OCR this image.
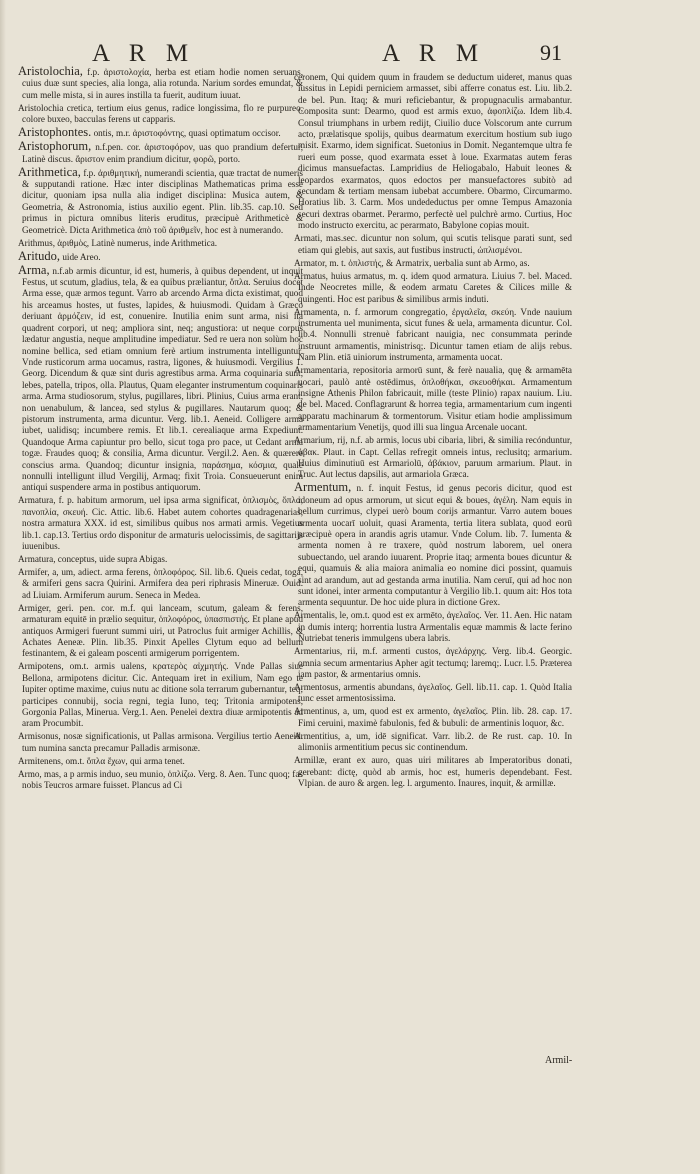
A R M	A R M 91

Aristolochia, f.p. ἀριστολοχία, herba est etiam hodie nomen seruans, cuius duæ sunt species, alia longa, alia rotunda. Narium sordes emundat, & cum melle mista, si in aures instilla ta fuerit, auditum iuuat.

Aristolochia cretica, tertium eius genus, radice longissima, flo re purpureo, colore buxeo, bacculas ferens ut capparis.

Aristophontes. ontis, m.r. ἀριστοφόντης, quasi optimatum occisor.

Aristophorum, n.f.pen. cor. ἀριστοφόρον, uas quo prandium defertur, Latinè discus. ἄριστον enim prandium dicitur, φορῶ, porto.

Arithmetica, f.p. ἀριθμητική, numerandi scientia, quæ tractat de numeris & supputandi ratione. Hæc inter disciplinas Mathematicas prima esse dicitur, quoniam ipsa nulla alia indiget disciplina: Musica autem, & Geometria, & Astronomia, istius auxilio egent. Plin. lib.35. cap.10. Sed primus in pictura omnibus literis eruditus, præcipuè Arithmeticè & Geometricè. Dicta Arithmetica ἀπὸ τοῦ ἀριθμεῖν, hoc est à numerando.

Arithmus, ἀριθμὸς, Latinè numerus, inde Arithmetica.

Aritudo, uide Areo.

Arma, n.f.ab armis dicuntur, id est, humeris, à quibus dependent, ut inquit Festus, ut scutum, gladius, tela, & ea quibus præliantur, ὅπλα. Seruius docet Arma esse, quæ armos tegunt. Varro ab arcendo Arma dicta existimat, quod his arceamus hostes, ut fustes, lapides, & huiusmodi. Quidam à Græco deriuant ἀρμόζειν, id est, conuenire. Inutilia enim sunt arma, nisi ita quadrent corpori, ut neq; ampliora sint, neq; angustiora: ut neque corpus lædatur angustia, neque amplitudine impediatur. Sed re uera non solùm hoc nomine bellica, sed etiam omnium ferè artium instrumenta intelliguntur. Vnde rusticorum arma uocamus, rastra, ligones, & huiusmodi. Vergilius 1. Georg. Dicendum & quæ sint duris agrestibus arma. Arma coquinaria sunt, lebes, patella, tripos, olla. Plautus, Quam eleganter instrumentum coquinaris arma. Arma studiosorum, stylus, pugillares, libri. Plinius, Cuius arma erant, non uenabulum, & lancea, sed stylus & pugillares. Nautarum quoq; & pistorum instrumenta, arma dicuntur. Verg. lib.1. Aeneid. Colligere arma iubet, ualidisq; incumbere remis. Et lib.1. cerealiaque arma Expediunt. Quandoque Arma capiuntur pro bello, sicut toga pro pace, ut Cedant arma togæ. Fraudes quoq; & consilia, Arma dicuntur. Vergil.2. Aen. & quærere conscius arma. Quandoq; dicuntur insignia, παράσημα, κόσμια, quale nonnulli intelligunt illud Vergilij, Armaq; fixit Troia. Consueuerunt enim antiqui suspendere arma in postibus antiquorum.

Armatura, f. p. habitum armorum, uel ipsa arma significat, ὁπλισμὸς, ὅπλα, πανοπλία, σκευή. Cic. Attic. lib.6. Habet autem cohortes quadragenarias, nostra armatura XXX. id est, similibus quibus nos armati armis. Vegetius lib.1. cap.13. Tertius ordo disponitur de armaturis uelocissimis, de sagittarijs iuuenibus.

Armatura, conceptus, uide supra Abigas.

Armifer, a, um, adiect. arma ferens, ὁπλοφόρος. Sil. lib.6. Queis cedat, toga, & armiferi gens sacra Quirini. Armifera dea peri riphrasis Mineruæ. Ouid. ad Liuiam. Armiferum aurum. Seneca in Medea.

Armiger, geri. pen. cor. m.f. qui lanceam, scutum, galeam & ferens, armaturam equitē in prælio sequitur, ὁπλοφόρος, ὑπασπιστής. Et plane apud antiquos Armigeri fuerunt summi uiri, ut Patroclus fuit armiger Achillis, & Achates Aeneæ. Plin. lib.35. Pinxit Apelles Clytum equo ad bellum festinantem, & ei galeam poscenti armigerum porrigentem.

Armipotens, om.t. armis ualens, κρατερὸς αἰχμητής. Vnde Pallas siue Bellona, armipotens dicitur. Cic. Antequam iret in exilium, Nam ego te Iupiter optime maxime, cuius nutu ac ditione sola terrarum gubernantur, teq; participes connubij, socia regni, tegia Iuno, teq; Tritonia armipotens, Gorgonia Pallas, Minerua. Verg.1. Aen. Penelei dextra diuæ armipotentis ad aram Procumbit.

Armisonus, nosæ significationis, ut Pallas armisona. Vergilius tertio Aeneid. tum numina sancta precamur Palladis armisonæ.

Armitenens, om.t. ὅπλα ἔχων, qui arma tenet.

Armo, mas, a p armis induo, seu munio, ὁπλίζω. Verg. 8. Aen. Tunc quoq; fas nobis Teucros armare fuisset. Plancus ad Ci

ceronem, Qui quidem quum in fraudem se deductum uideret, manus quas iussitus in Lepidi perniciem armasset, sibi afferre conatus est. Liu. lib.2. de bel. Pun. Itaq; & muri reficiebantur, & propugnaculis armabantur. Composita sunt: Dearmo, quod est armis exuo, ἀφοπλίζω. Idem lib.4. Consul triumphans in urbem redijt, Ciuilio duce Volscorum ante currum acto, prælatisque spolijs, quibus dearmatum exercitum hostium sub iugo misit. Exarmo, idem significat. Suetonius in Domit. Negantemque ultra fe rueri eum posse, quod exarmata esset à loue. Exarmatas autem feras dicimus mansuefactas. Lampridius de Heliogabalo, Habuit leones & leopardos exarmatos, quos edoctos per mansuefactores subitò ad secundam & tertiam mensam iubebat accumbere. Obarmo, Circumarmo. Horatius lib. 3. Carm. Mos undedeductus per omne Tempus Amazonia securi dextras obarmet. Perarmo, perfectè uel pulchrè armo. Curtius, Hoc modo instructo exercitu, ac perarmato, Babylone copias mouit.

Armati, mas.sec. dicuntur non solum, qui scutis telisque parati sunt, sed etiam qui glebis, aut saxis, aut fustibus instructi, ὡπλισμένοι.

Armator, m. t. ὁπλιστής, & Armatrix, uerbalia sunt ab Armo, as.

Armatus, huius armatus, m. q. idem quod armatura. Liuius 7. bel. Maced. Inde Neocretes mille, & eodem armatu Caretes & Cilices mille & quingenti. Hoc est paribus & similibus armis induti.

Armamenta, n. f. armorum congregatio, ἐργαλεῖα, σκεύη. Vnde nauium instrumenta uel munimenta, sicut funes & uela, armamenta dicuntur. Col. lib.4. Nonnulli strenuè fabricant nauigia, nec consummata perinde instruunt armamentis, ministrisq;. Dicuntur tamen etiam de alijs rebus. Nam Plin. etiā uiniorum instrumenta, armamenta uocat.

Armamentaria, repositoria armorū sunt, & ferè naualia, quę & armamēta uocari, paulò antè ostēdimus, ὁπλοθήκαι, σκευοθήκαι. Armamentum insigne Athenis Philon fabricauit, mille (teste Plinio) rapax nauium. Liu. de bel. Maced. Conflagrarunt & horrea tegia, armamentarium cum ingenti apparatu machinarum & tormentorum. Visitur etiam hodie amplissimum armamentarium Venetijs, quod illi sua lingua Arcenale uocant.

Armarium, rij, n.f. ab armis, locus ubi cibaria, libri, & similia recónduntur, ἀβακ. Plaut. in Capt. Cellas refregit omneis intus, reclusitq; armarium. Huius diminutiuū est Armariolū, ἀβάκιον, paruum armarium. Plaut. in Truc. Aut lectus dapsilis, aut armariola Græca.

Armentum, n. f. inquit Festus, id genus pecoris dicitur, quod est idoneum ad opus armorum, ut sicut equi & boues, ἀγέλη. Nam equis in bellum currimus, clypei uerò boum corijs armantur. Varro autem boues armenta uocarī uoluit, quasi Aramenta, tertia litera sublata, quod eorū præcipuè opera in arandis agris utamur. Vnde Colum. lib. 7. Iumenta & armenta nomen à re traxere, quòd nostrum laborem, uel onera subuectando, uel arando iuuarent. Proprie itaq; armenta boues dicuntur & equi, quamuis & alia maiora animalia eo nomine dici possint, quamuis sint ad arandum, aut ad gestanda arma inutilia. Nam ceruī, qui ad hoc non sunt idonei, inter armenta computantur à Vergilio lib.1. quum ait: Hos tota armenta sequuntur. De hoc uide plura in dictione Grex.

Armentalis, le, om.t. quod est ex armēto, ἀγελαῖος. Ver. 11. Aen. Hic natam in dumis interq; horrentia lustra Armentalis equæ mammis & lacte ferino Nutriebat teneris immulgens ubera labris.

Armentarius, rii, m.f. armenti custos, ἀγελάρχης. Verg. lib.4. Georgic. omnia secum armentarius Apher agit tectumq; laremq;. Lucr. l.5. Præterea iam pastor, & armentarius omnis.

Armentosus, armentis abundans, ἀγελαῖος. Gell. lib.11. cap. 1. Quòd Italia tunc esset armentosissima.

Armentinus, a, um, quod est ex armento, ἀγελαῖος. Plin. lib. 28. cap. 17. Fimi ceruini, maximè fabulonis, fed & bubuli: de armentinis loquor, &c.

Armentitius, a, um, idē significat. Varr. lib.2. de Re rust. cap. 10. In alimoniis armentitium pecus sic continendum.

Armillæ, erant ex auro, quas uiri militares ab Imperatoribus donati, gerebant: dictę, quòd ab armis, hoc est, humeris dependebant. Fest. Vlpian. de auro & argen. leg. l. argumento. Inaures, inquit, & armillæ.

Armil-
